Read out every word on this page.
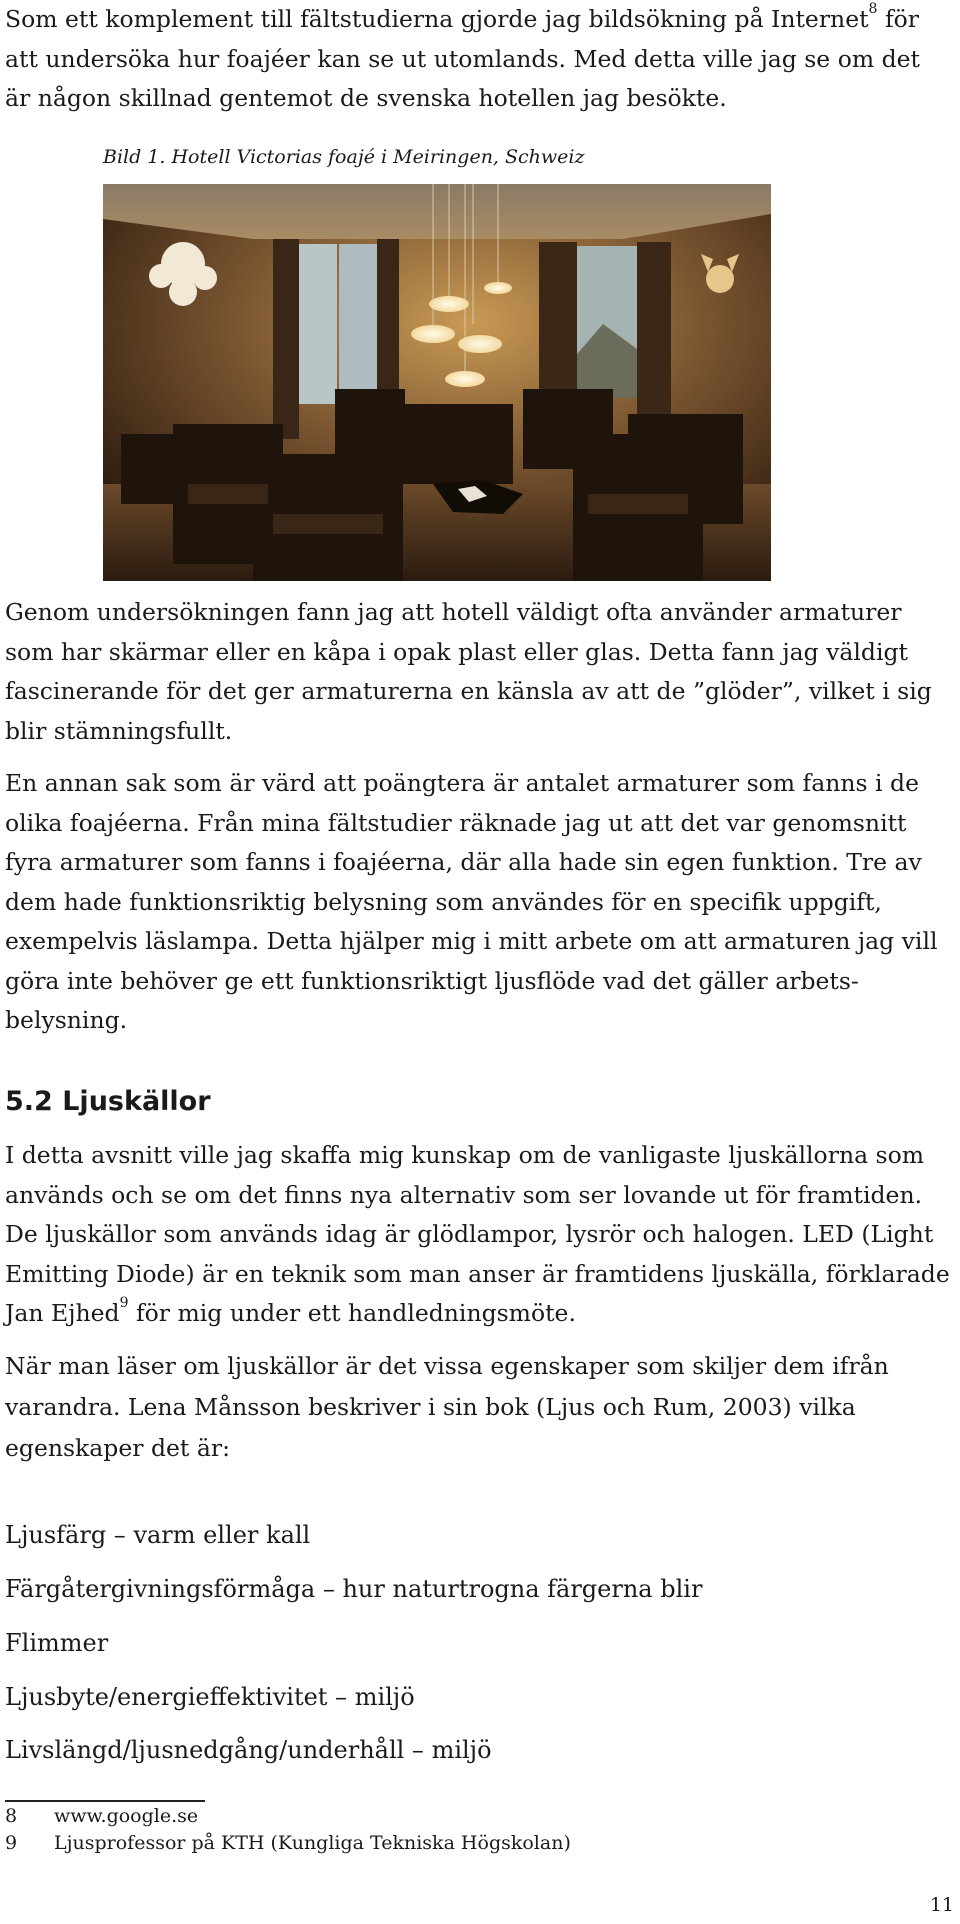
Som ett komplement till fältstudierna gjorde jag bildsökning på Internet$^8$ för att undersöka hur foajéer kan se ut utomlands. Med detta ville jag se om det är någon skillnad gentemot de svenska hotellen jag besökte.

Bild 1. Hotell Victorias foajé i Meiringen, Schweiz

Genom undersökningen fann jag att hotell väldigt ofta använder armaturer som har skärmar eller en kåpa i opak plast eller glas. Detta fann jag väldigt fascinerande för det ger armaturerna en känsla av att de ”glöder”, vilket i sig blir stämningsfullt.

En annan sak som är värd att poängtera är antalet armaturer som fanns i de olika foajéerna. Från mina fältstudier räknade jag ut att det var genomsnitt fyra armaturer som fanns i foajéerna, där alla hade sin egen funktion. Tre av dem hade funktionsriktig belysning som användes för en specifik uppgift, exempelvis läslampa. Detta hjälper mig i mitt arbete om att armaturen jag vill göra inte behöver ge ett funktionsriktigt ljusflöde vad det gäller arbetsbelysning.

5.2 Ljuskällor

I detta avsnitt ville jag skaffa mig kunskap om de vanligaste ljuskällorna som används och se om det finns nya alternativ som ser lovande ut för framtiden. De ljuskällor som används idag är glödlampor, lysrör och halogen. LED (Light Emitting Diode) är en teknik som man anser är framtidens ljuskälla, förklarade Jan Ejhed$^9$ för mig under ett handledningsmöte.

När man läser om ljuskällor är det vissa egenskaper som skiljer dem ifrån varandra. Lena Månsson beskriver i sin bok (Ljus och Rum, 2003) vilka egenskaper det är:

Ljusfärg – varm eller kall

Färgåtergivningsförmåga – hur naturtrogna färgerna blir

Flimmer

Ljusbyte/energieffektivitet – miljö

Livslängd/ljusnedgång/underhåll – miljö

8 www.google.se

9 Ljusprofessor på KTH (Kungliga Tekniska Högskolan)

11
